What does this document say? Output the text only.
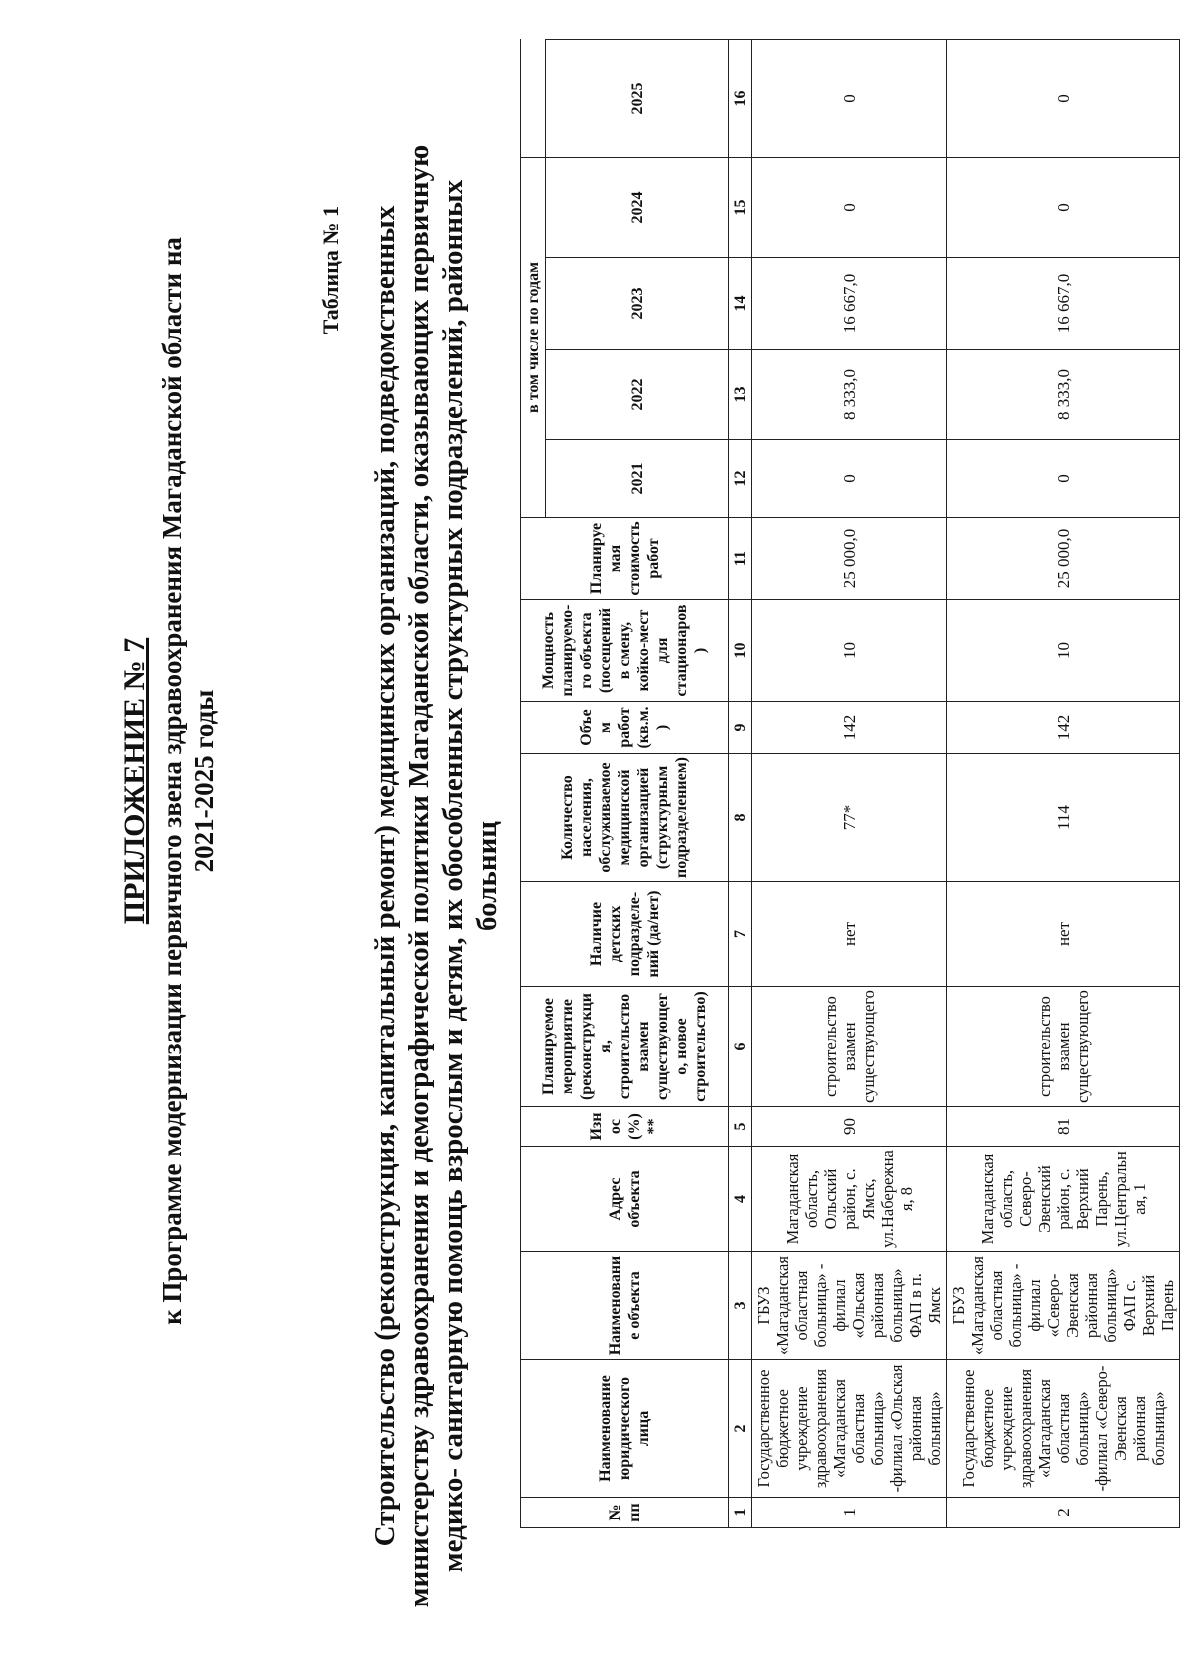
ПРИЛОЖЕНИЕ № 7 к Программе модернизации первичного звена здравоохранения Магаданской области на 2021-2025 годы
Таблица № 1 Строительство (реконструкция, капитальный ремонт) медицинских организаций, подведомственных министерству здравоохранения и демографической политики Магаданской области, оказывающих первичную медико- санитарную помощь взрослым и детям, их обособленных структурных подразделений, районных больниц
№ пп	Наименование юридического лица	Наименование объекта	Адрес объекта	Износ (%)**	Планируемое мероприятие (реконструкция, строительство взамен существующего, новое строительство)	Наличие детских подразделе-ний (да/нет)	Количество населения, обслуживаемое медицинской организацией (структурным подразделением)	Объем работ (кв.м.)	Мощность планируемо-го объекта (посещений в смену, койко-мест для стационаров)	Планируе мая стоимость работ	в том числе по годам				
											2021	2022	2023	2024	2025
1	2	3	4	5	6	7	8	9	10	11	12	13	14	15	16
1	Государственное бюджетное учреждение здравоохранения «Магаданская областная больница» -филиал «Ольская районная больница»	ГБУЗ «Магаданская областная больница» - филиал «Ольская районная больница» ФАП в п. Ямск	Магаданская область, Ольский район, с. Ямск, ул.Набережная, 8	90	строительство взамен существующего	нет	77*	142	10	25 000,0	0	8 333,0	16 667,0	0	0
2	Государственное бюджетное учреждение здравоохранения «Магаданская областная больница» -филиал «Северо-Эвенская районная больница»	ГБУЗ «Магаданская областная больница» - филиал «Северо-Эвенская районная больница» ФАП с. Верхний Парень	Магаданская область, Северо-Эвенский район, с. Верхний Парень, ул.Центральная, 1	81	строительство взамен существующего	нет	114	142	10	25 000,0	0	8 333,0	16 667,0	0	0
